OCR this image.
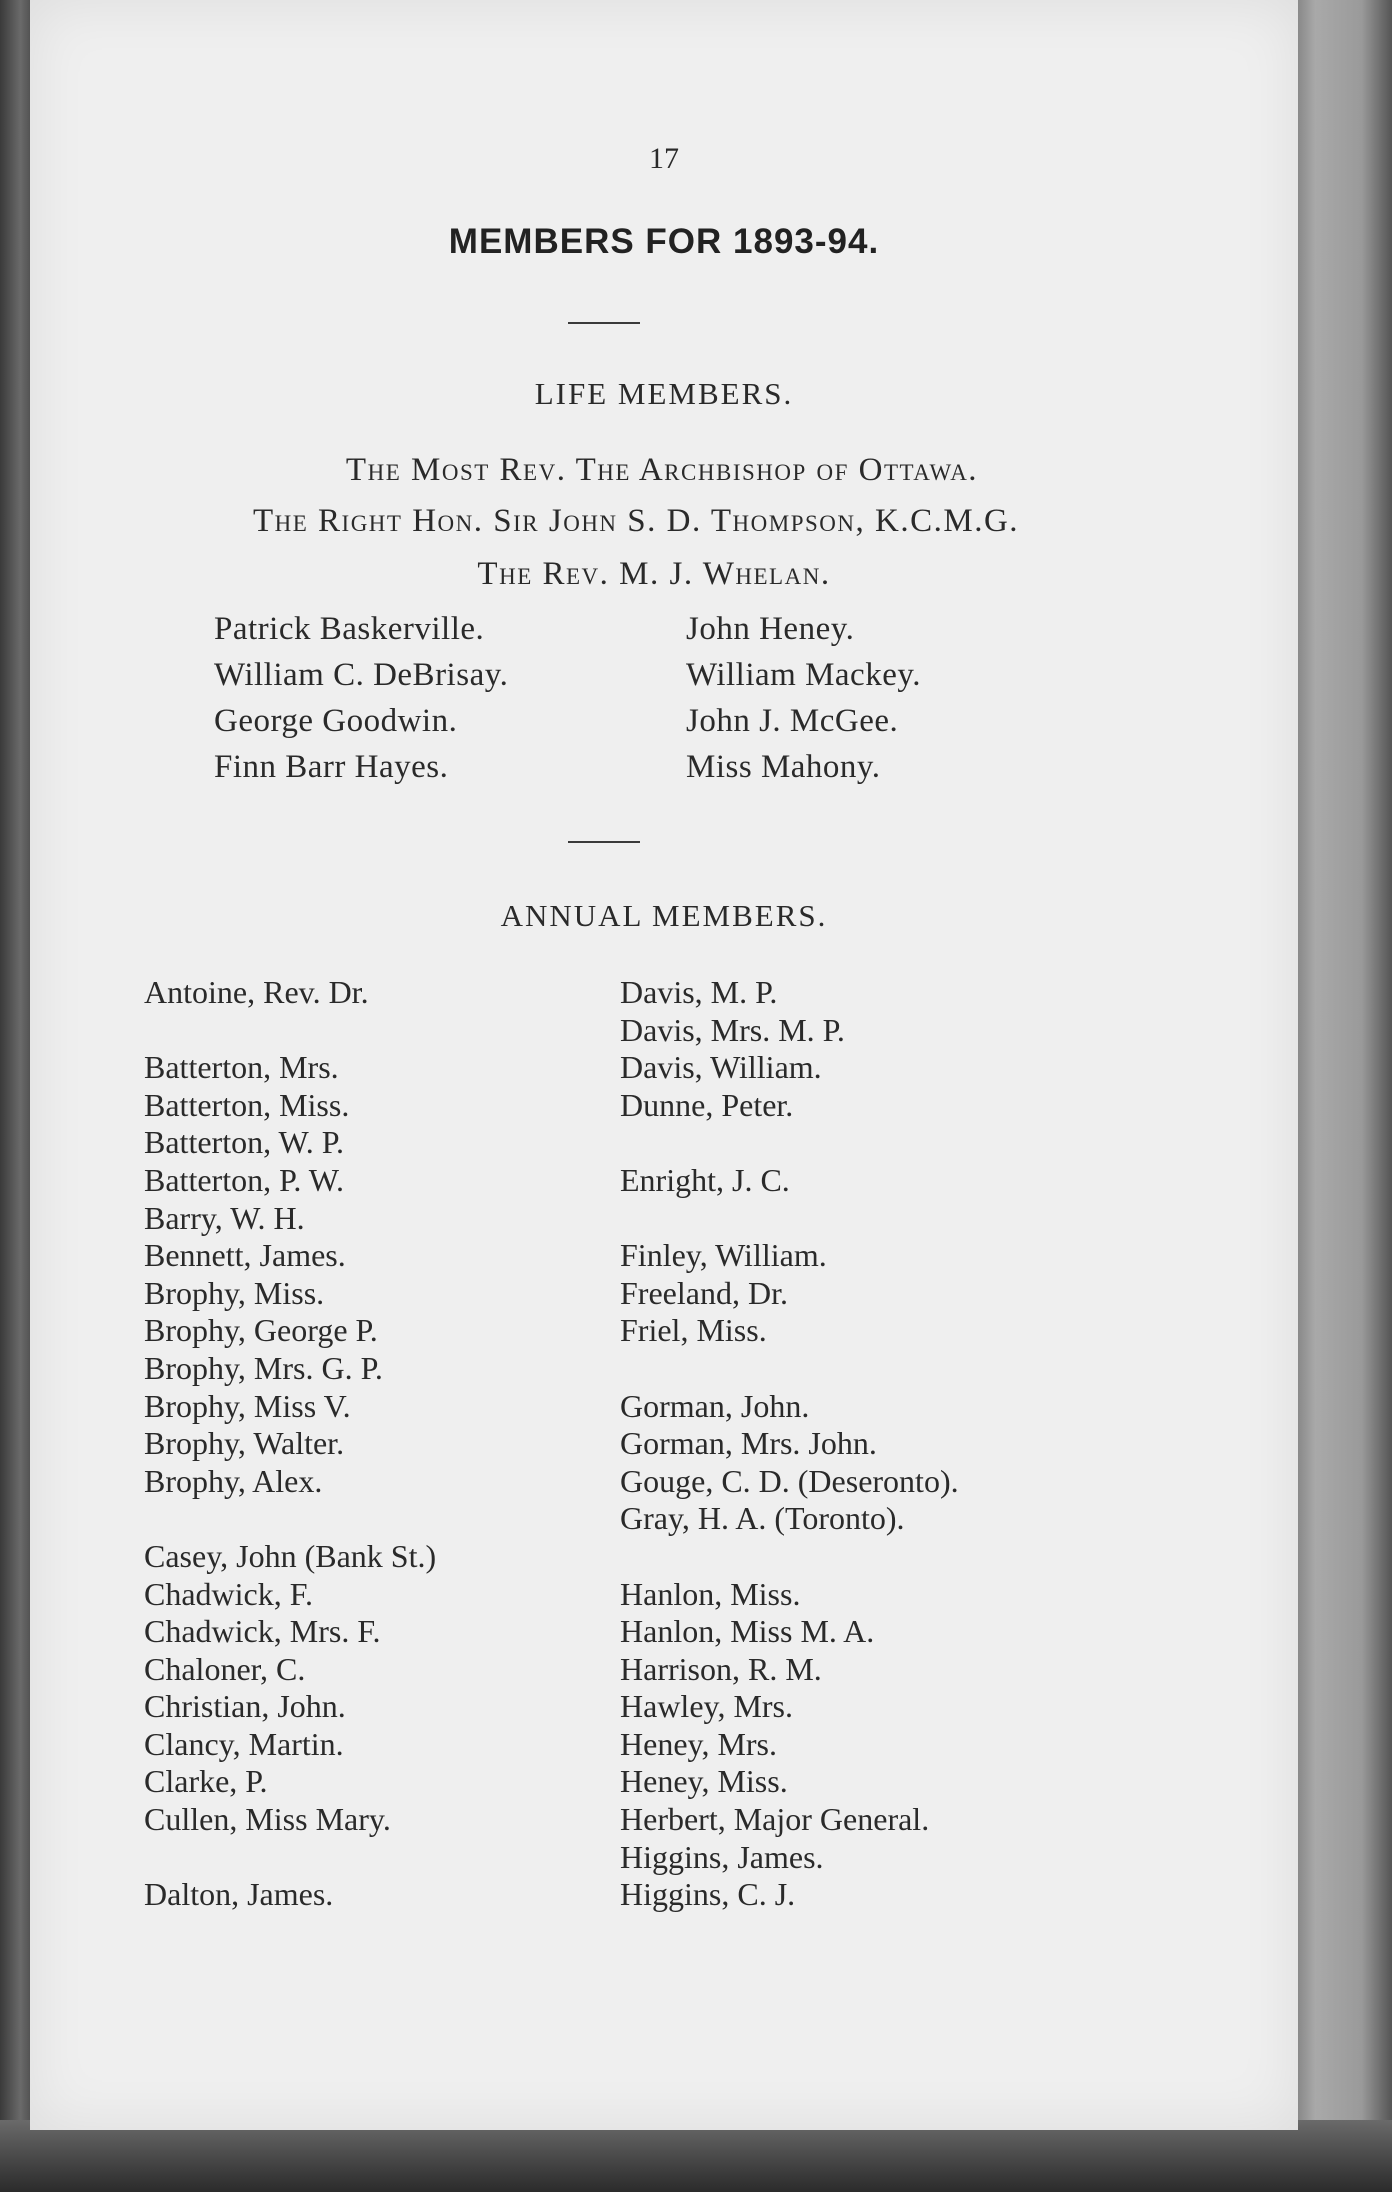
17
MEMBERS FOR 1893-94.
LIFE MEMBERS.
The Most Rev. The Archbishop of Ottawa.
The Right Hon. Sir John S. D. Thompson, K.C.M.G.
The Rev. M. J. Whelan.
Patrick Baskerville.
William C. DeBrisay.
George Goodwin.
Finn Barr Hayes.
John Heney.
William Mackey.
John J. McGee.
Miss Mahony.
ANNUAL MEMBERS.
Antoine, Rev. Dr.
Batterton, Mrs.
Batterton, Miss.
Batterton, W. P.
Batterton, P. W.
Barry, W. H.
Bennett, James.
Brophy, Miss.
Brophy, George P.
Brophy, Mrs. G. P.
Brophy, Miss V.
Brophy, Walter.
Brophy, Alex.
Casey, John (Bank St.)
Chadwick, F.
Chadwick, Mrs. F.
Chaloner, C.
Christian, John.
Clancy, Martin.
Clarke, P.
Cullen, Miss Mary.
Dalton, James.
Davis, M. P.
Davis, Mrs. M. P.
Davis, William.
Dunne, Peter.
Enright, J. C.
Finley, William.
Freeland, Dr.
Friel, Miss.
Gorman, John.
Gorman, Mrs. John.
Gouge, C. D. (Deseronto).
Gray, H. A. (Toronto).
Hanlon, Miss.
Hanlon, Miss M. A.
Harrison, R. M.
Hawley, Mrs.
Heney, Mrs.
Heney, Miss.
Herbert, Major General.
Higgins, James.
Higgins, C. J.
